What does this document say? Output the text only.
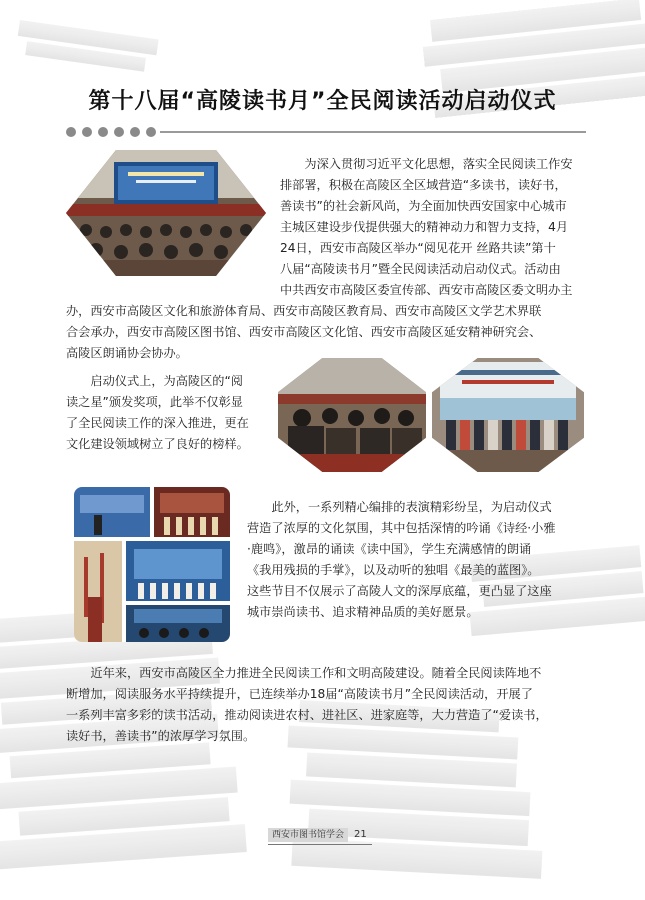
第十八届“高陵读书月”全民阅读活动启动仪式
为深入贯彻习近平文化思想，落实全民阅读工作安
排部署，积极在高陵区全区域营造“多读书，读好书，
善读书”的社会新风尚，为全面加快西安国家中心城市
主城区建设步伐提供强大的精神动力和智力支持，4月
24日，西安市高陵区举办“阅见花开 丝路共读”第十
八届“高陵读书月”暨全民阅读活动启动仪式。活动由
中共西安市高陵区委宣传部、西安市高陵区委文明办主
办，西安市高陵区文化和旅游体育局、西安市高陵区教育局、西安市高陵区文学艺术界联
合会承办，西安市高陵区图书馆、西安市高陵区文化馆、西安市高陵区延安精神研究会、
高陵区朗诵协会协办。
启动仪式上，为高陵区的“阅
读之星”颁发奖项，此举不仅彰显
了全民阅读工作的深入推进，更在
文化建设领域树立了良好的榜样。
此外，一系列精心编排的表演精彩纷呈，为启动仪式
营造了浓厚的文化氛围，其中包括深情的吟诵《诗经·小雅
·鹿鸣》，激昂的诵读《读中国》，学生充满感情的朗诵
《我用残损的手掌》，以及动听的独唱《最美的蓝图》。
这些节目不仅展示了高陵人文的深厚底蕴，更凸显了这座
城市崇尚读书、追求精神品质的美好愿景。
近年来，西安市高陵区全力推进全民阅读工作和文明高陵建设。随着全民阅读阵地不
断增加，阅读服务水平持续提升，已连续举办18届“高陵读书月”全民阅读活动，开展了
一系列丰富多彩的读书活动，推动阅读进农村、进社区、进家庭等，大力营造了“爱读书，
读好书，善读书”的浓厚学习氛围。
西安市图书馆学会 21
